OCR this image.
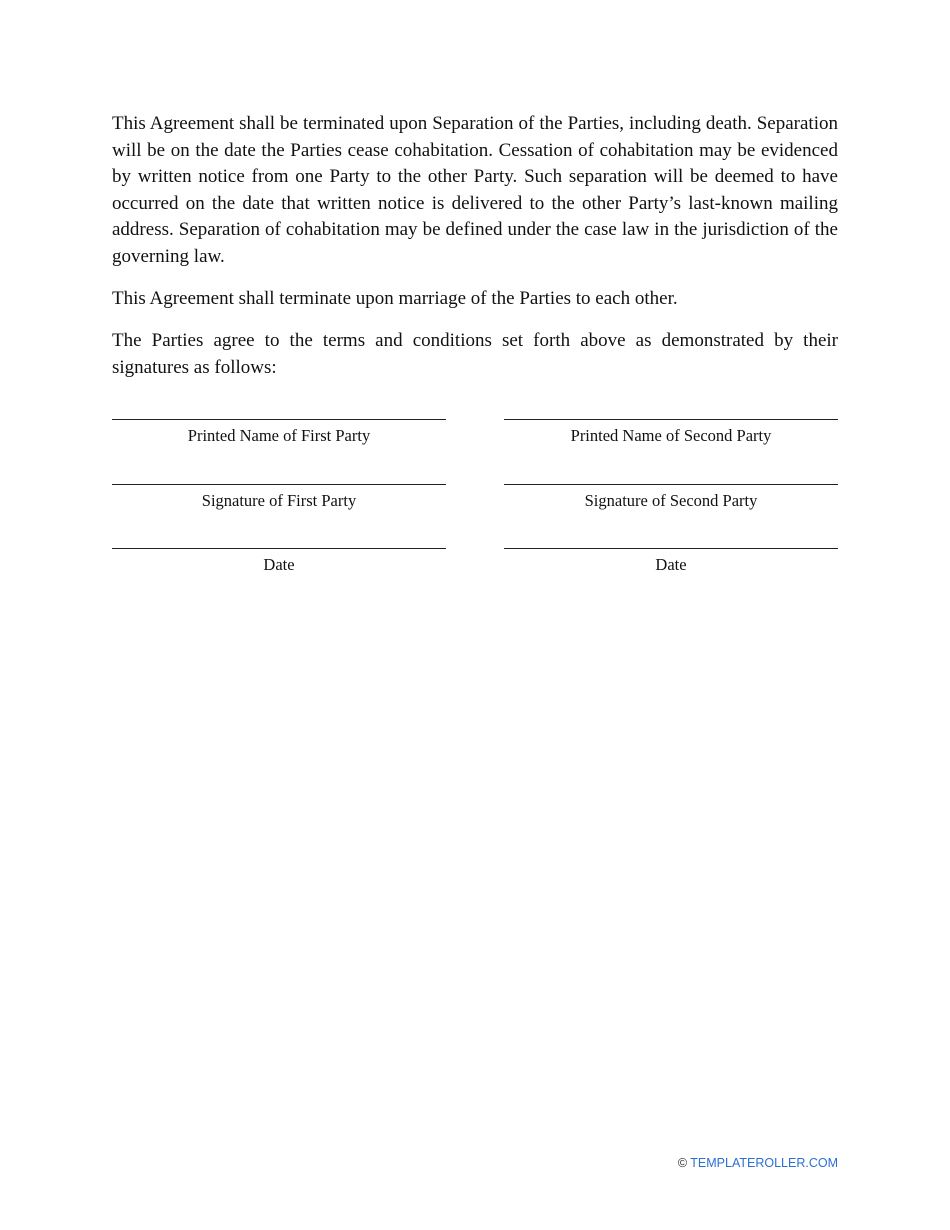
This Agreement shall be terminated upon Separation of the Parties, including death. Separation will be on the date the Parties cease cohabitation. Cessation of cohabitation may be evidenced by written notice from one Party to the other Party. Such separation will be deemed to have occurred on the date that written notice is delivered to the other Party’s last-known mailing address. Separation of cohabitation may be defined under the case law in the jurisdiction of the governing law.

This Agreement shall terminate upon marriage of the Parties to each other.

The Parties agree to the terms and conditions set forth above as demonstrated by their signatures as follows:

Printed Name of First Party	Printed Name of Second Party
Signature of First Party	Signature of Second Party
Date	Date
© TEMPLATEROLLER.COM
